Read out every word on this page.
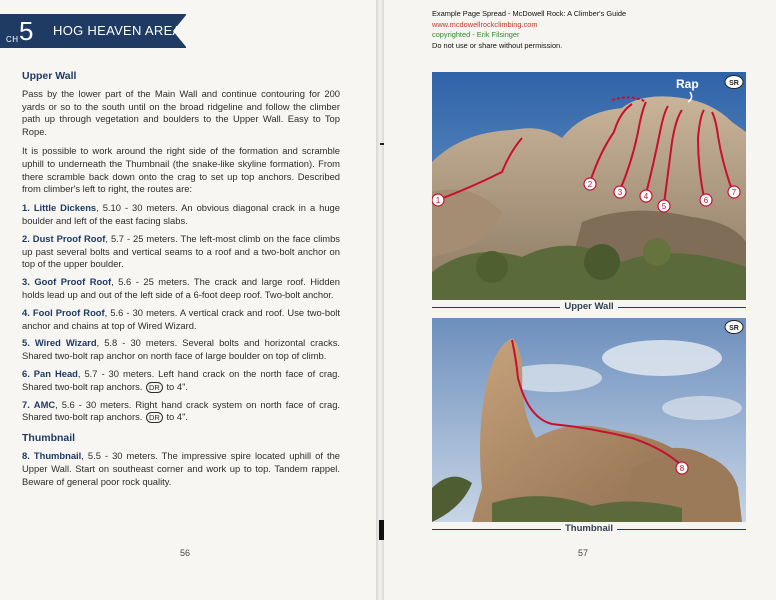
CH 5 HOG HEAVEN AREA
Upper Wall

Pass by the lower part of the Main Wall and continue contouring for 200 yards or so to the south until on the broad ridgeline and follow the climber path up through vegetation and boulders to the Upper Wall. Easy to Top Rope.

It is possible to work around the right side of the formation and scramble uphill to underneath the Thumbnail (the snake-like skyline formation). From there scramble back down onto the crag to set up top anchors. Described from climber's left to right, the routes are:

1. Little Dickens, 5.10 - 30 meters. An obvious diagonal crack in a huge boulder and left of the east facing slabs.

2. Dust Proof Roof, 5.7 - 25 meters. The left-most climb on the face climbs up past several bolts and vertical seams to a roof and a two-bolt anchor on top of the upper boulder.

3. Goof Proof Roof, 5.6 - 25 meters. The crack and large roof. Hidden holds lead up and out of the left side of a 6-foot deep roof. Two-bolt anchor.

4. Fool Proof Roof, 5.6 - 30 meters. A vertical crack and roof. Use two-bolt anchor and chains at top of Wired Wizard.

5. Wired Wizard, 5.8 - 30 meters. Several bolts and horizontal cracks. Shared two-bolt rap anchor on north face of large boulder on top of climb.

6. Pan Head, 5.7 - 30 meters. Left hand crack on the north face of crag. Shared two-bolt rap anchors. DR to 4".

7. AMC, 5.6 - 30 meters. Right hand crack system on north face of crag. Shared two-bolt rap anchors. DR to 4".

Thumbnail

8. Thumbnail, 5.5 - 30 meters. The impressive spire located uphill of the Upper Wall. Start on southeast corner and work up to top. Tandem rappel. Beware of general poor rock quality.

56
Example Page Spread - McDowell Rock: A Climber's Guide
www.mcdowellrockclimbing.com
copyrighted - Erik Filsinger
Do not use or share without permission.
1
2
3	4
5
6
7
Rap	SR
Upper Wall
8
SR
Thumbnail
57
